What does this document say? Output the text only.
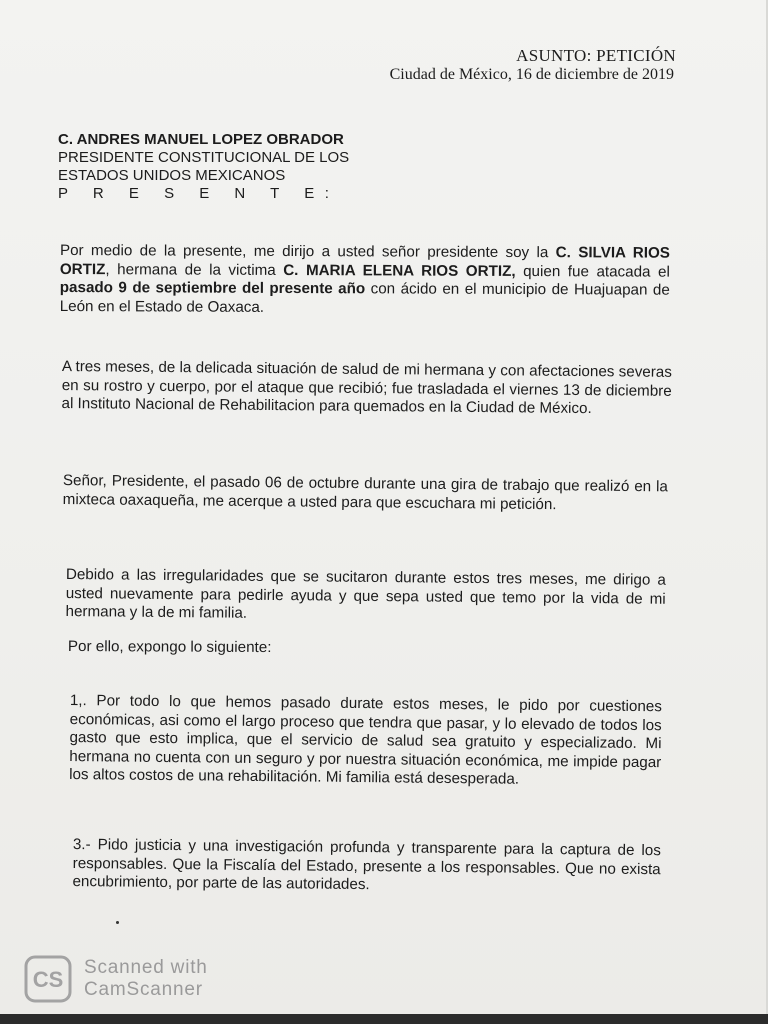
ASUNTO: PETICIÓN
Ciudad de México, 16 de diciembre de 2019
C. ANDRES MANUEL LOPEZ OBRADOR
PRESIDENTE CONSTITUCIONAL DE LOS
ESTADOS UNIDOS MEXICANOS
P R E S E N T E:
Por medio de la presente, me dirijo a usted señor presidente soy la C. SILVIA RIOS ORTIZ, hermana de la victima C. MARIA ELENA RIOS ORTIZ, quien fue atacada el pasado 9 de septiembre del presente año con ácido en el municipio de Huajuapan de León en el Estado de Oaxaca.
A tres meses, de la delicada situación de salud de mi hermana y con afectaciones severas en su rostro y cuerpo, por el ataque que recibió; fue trasladada el viernes 13 de diciembre al Instituto Nacional de Rehabilitacion para quemados en la Ciudad de México.
Señor, Presidente, el pasado 06 de octubre durante una gira de trabajo que realizó en la mixteca oaxaqueña, me acerque a usted para que escuchara mi petición.
Debido a las irregularidades que se sucitaron durante estos tres meses, me dirigo a usted nuevamente para pedirle ayuda y que sepa usted que temo por la vida de mi hermana y la de mi familia.
Por ello, expongo lo siguiente:
1,. Por todo lo que hemos pasado durate estos meses, le pido por cuestiones económicas, asi como el largo proceso que tendra que pasar, y lo elevado de todos los gasto que esto implica, que el servicio de salud sea gratuito y especializado. Mi hermana no cuenta con un seguro y por nuestra situación económica, me impide pagar los altos costos de una rehabilitación. Mi familia está desesperada.
3.- Pido justicia y una investigación profunda y transparente para la captura de los responsables. Que la Fiscalía del Estado, presente a los responsables. Que no exista encubrimiento, por parte de las autoridades.
CS Scanned with
CamScanner
